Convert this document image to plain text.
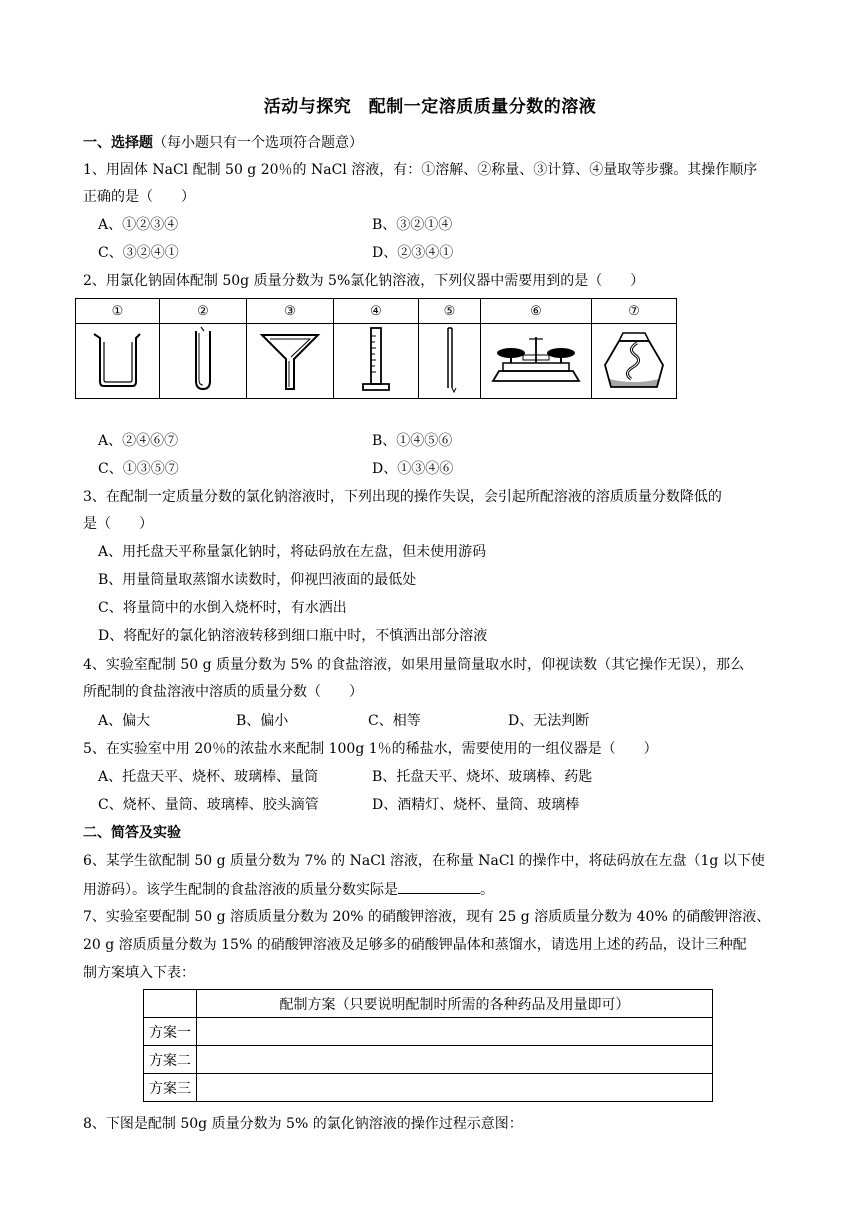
活动与探究　配制一定溶质质量分数的溶液
一、选择题（每小题只有一个选项符合题意）
1、用固体 NaCl 配制 50 g 20％的 NaCl 溶液，有：①溶解、②称量、③计算、④量取等步骤。其操作顺序
正确的是（　　）
A、①②③④	B、③②①④
C、③②④①	D、②③④①
2、用氯化钠固体配制 50g 质量分数为 5%氯化钠溶液，下列仪器中需要用到的是（　　）
①	②	③	④	⑤	⑥	⑦

A、②④⑥⑦	B、①④⑤⑥
C、①③⑤⑦	D、①③④⑥
3、在配制一定质量分数的氯化钠溶液时，下列出现的操作失误，会引起所配溶液的溶质质量分数降低的
是（　　）
A、用托盘天平称量氯化钠时，将砝码放在左盘，但未使用游码
B、用量筒量取蒸馏水读数时，仰视凹液面的最低处
C、将量筒中的水倒入烧杯时，有水洒出
D、将配好的氯化钠溶液转移到细口瓶中时，不慎洒出部分溶液
4、实验室配制 50 g 质量分数为 5% 的食盐溶液，如果用量筒量取水时，仰视读数（其它操作无误），那么
所配制的食盐溶液中溶质的质量分数（　　）
A、偏大	B、偏小	C、相等	D、无法判断
5、在实验室中用 20％的浓盐水来配制 100g 1％的稀盐水，需要使用的一组仪器是（　　）
A、托盘天平、烧杯、玻璃棒、量筒	B、托盘天平、烧坏、玻璃棒、药匙
C、烧杯、量筒、玻璃棒、胶头滴管	D、酒精灯、烧杯、量筒、玻璃棒
二、简答及实验
6、某学生欲配制 50 g 质量分数为 7% 的 NaCl 溶液，在称量 NaCl 的操作中，将砝码放在左盘（1g 以下使
用游码）。该学生配制的食盐溶液的质量分数实际是	。
7、实验室要配制 50 g 溶质质量分数为 20% 的硝酸钾溶液，现有 25 g 溶质质量分数为 40% 的硝酸钾溶液、
20 g 溶质质量分数为 15% 的硝酸钾溶液及足够多的硝酸钾晶体和蒸馏水，请选用上述的药品，设计三种配
制方案填入下表：
	配制方案（只要说明配制时所需的各种药品及用量即可）
方案一	
方案二	
方案三	
8、下图是配制 50g 质量分数为 5% 的氯化钠溶液的操作过程示意图：
